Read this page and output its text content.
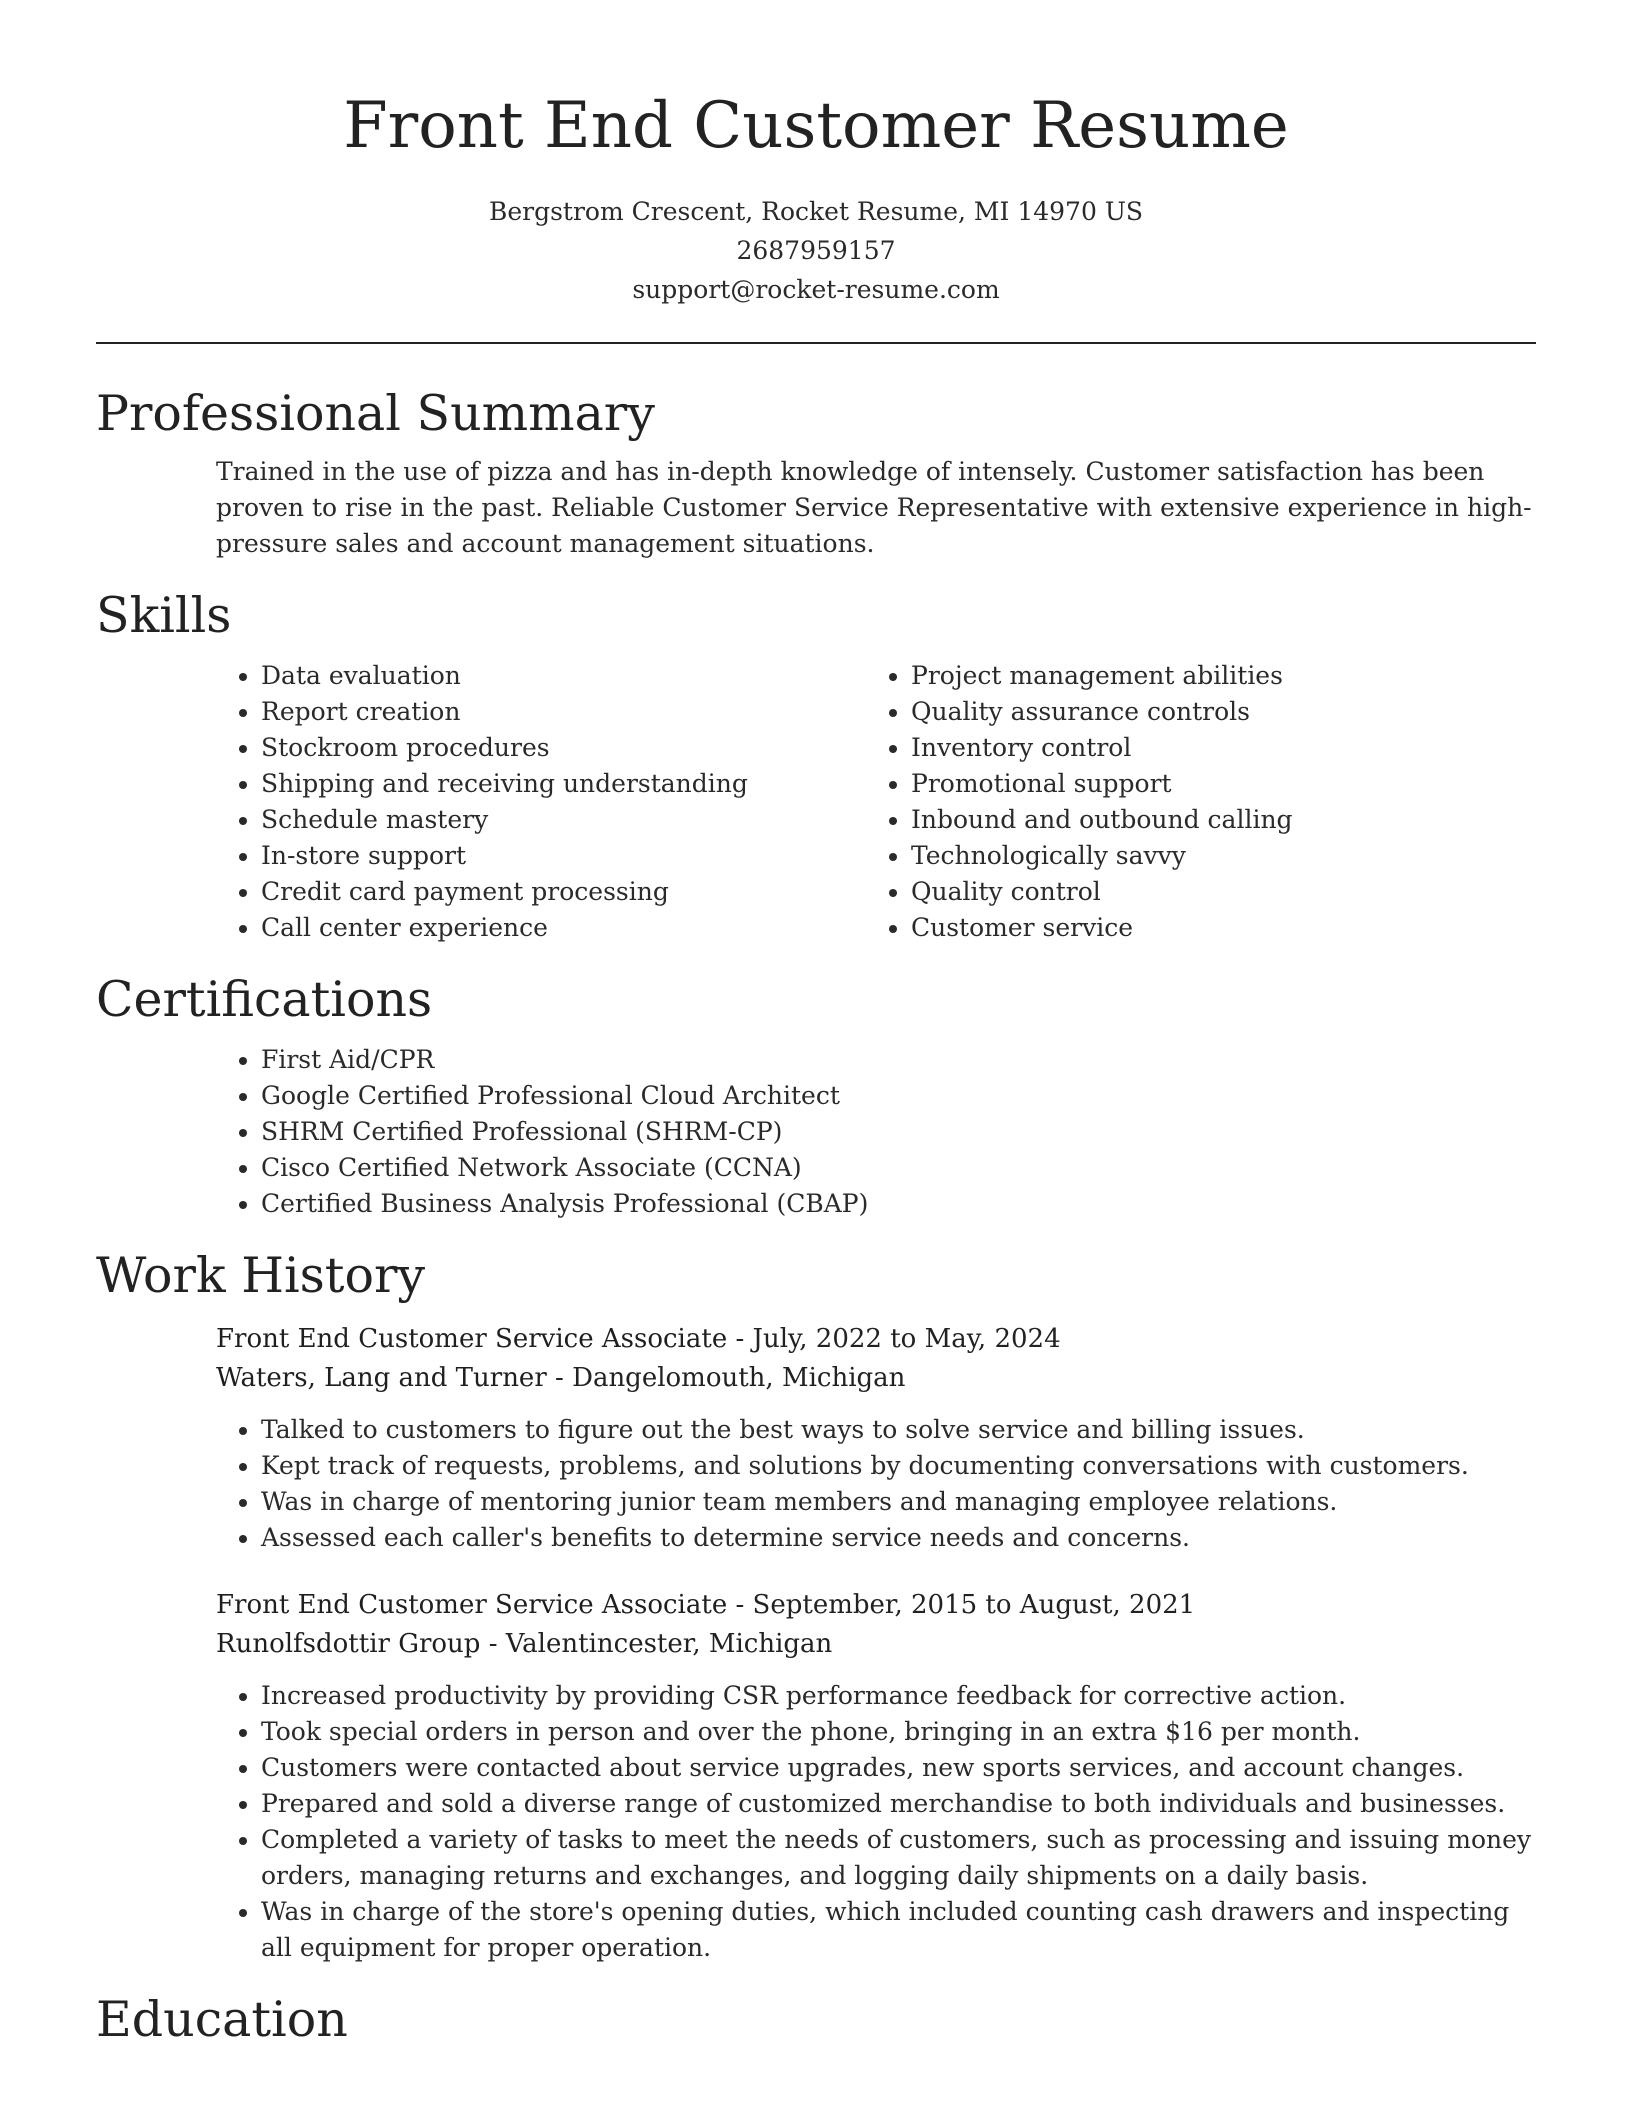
Front End Customer Resume
Bergstrom Crescent, Rocket Resume, MI 14970 US
2687959157
support@rocket-resume.com
Professional Summary

Trained in the use of pizza and has in-depth knowledge of intensely. Customer satisfaction has been proven to rise in the past. Reliable Customer Service Representative with extensive experience in high-pressure sales and account management situations.

Skills
• Data evaluation
• Report creation
• Stockroom procedures
• Shipping and receiving understanding
• Schedule mastery
• In-store support
• Credit card payment processing
• Call center experience
• Project management abilities
• Quality assurance controls
• Inventory control
• Promotional support
• Inbound and outbound calling
• Technologically savvy
• Quality control
• Customer service
Certifications
• First Aid/CPR
• Google Certified Professional Cloud Architect
• SHRM Certified Professional (SHRM-CP)
• Cisco Certified Network Associate (CCNA)
• Certified Business Analysis Professional (CBAP)
Work History
Front End Customer Service Associate - July, 2022 to May, 2024
Waters, Lang and Turner - Dangelomouth, Michigan
• Talked to customers to figure out the best ways to solve service and billing issues.
• Kept track of requests, problems, and solutions by documenting conversations with customers.
• Was in charge of mentoring junior team members and managing employee relations.
• Assessed each caller's benefits to determine service needs and concerns.
Front End Customer Service Associate - September, 2015 to August, 2021
Runolfsdottir Group - Valentincester, Michigan
• Increased productivity by providing CSR performance feedback for corrective action.
• Took special orders in person and over the phone, bringing in an extra $16 per month.
• Customers were contacted about service upgrades, new sports services, and account changes.
• Prepared and sold a diverse range of customized merchandise to both individuals and businesses.
• Completed a variety of tasks to meet the needs of customers, such as processing and issuing money orders, managing returns and exchanges, and logging daily shipments on a daily basis.
• Was in charge of the store's opening duties, which included counting cash drawers and inspecting all equipment for proper operation.
Education
